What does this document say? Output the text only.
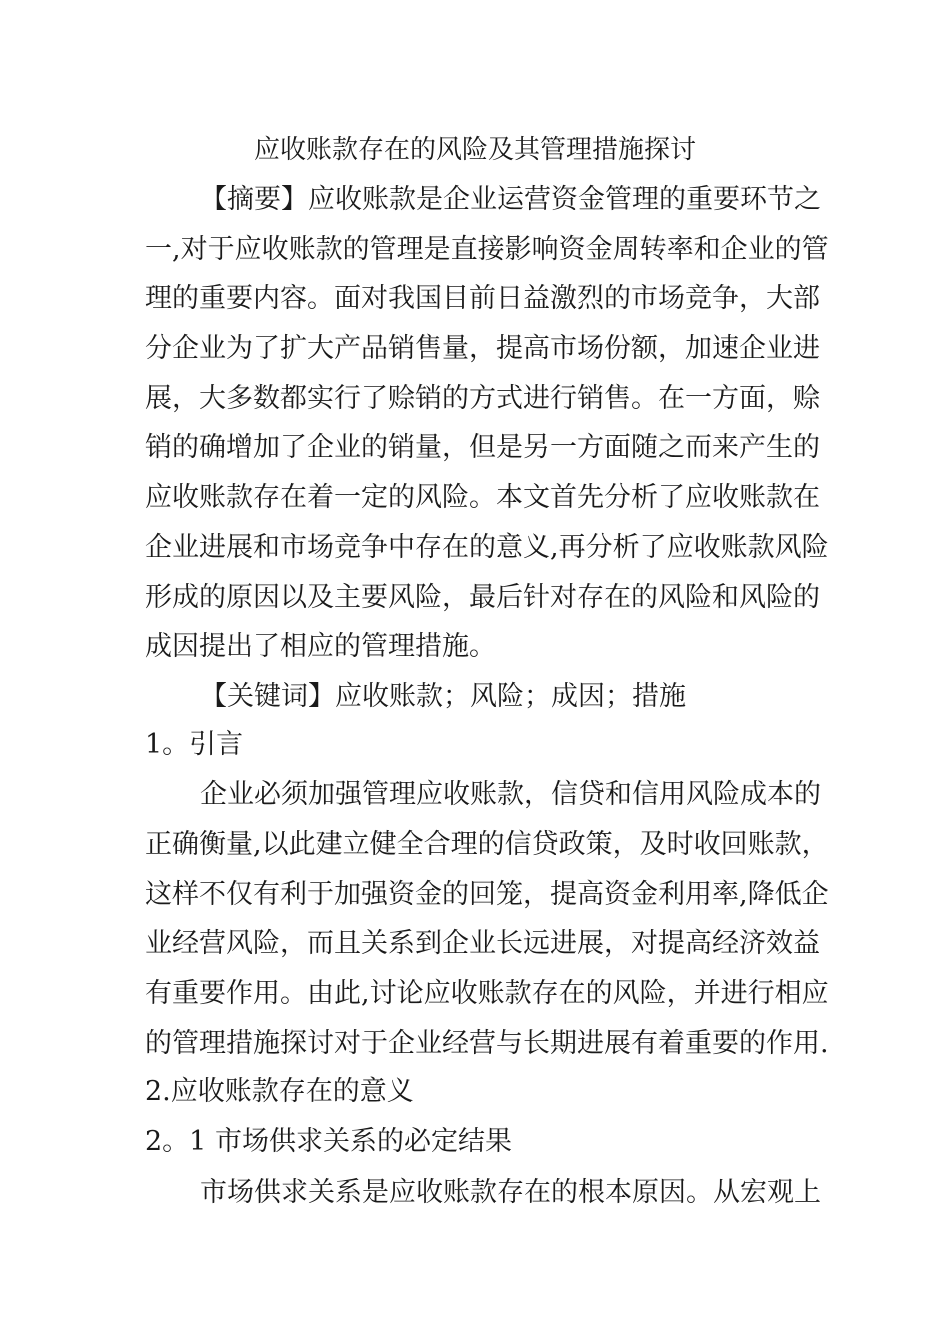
应收账款存在的风险及其管理措施探讨
【摘要】应收账款是企业运营资金管理的重要环节之
一,对于应收账款的管理是直接影响资金周转率和企业的管
理的重要内容。面对我国目前日益激烈的市场竞争，大部
分企业为了扩大产品销售量，提高市场份额，加速企业进
展，大多数都实行了赊销的方式进行销售。在一方面，赊
销的确增加了企业的销量，但是另一方面随之而来产生的
应收账款存在着一定的风险。本文首先分析了应收账款在
企业进展和市场竞争中存在的意义,再分析了应收账款风险
形成的原因以及主要风险，最后针对存在的风险和风险的
成因提出了相应的管理措施。
【关键词】应收账款；风险；成因；措施
1。引言
企业必须加强管理应收账款，信贷和信用风险成本的
正确衡量,以此建立健全合理的信贷政策，及时收回账款，
这样不仅有利于加强资金的回笼，提高资金利用率,降低企
业经营风险，而且关系到企业长远进展，对提高经济效益
有重要作用。由此,讨论应收账款存在的风险，并进行相应
的管理措施探讨对于企业经营与长期进展有着重要的作用.
2.应收账款存在的意义
2。1 市场供求关系的必定结果
市场供求关系是应收账款存在的根本原因。从宏观上
